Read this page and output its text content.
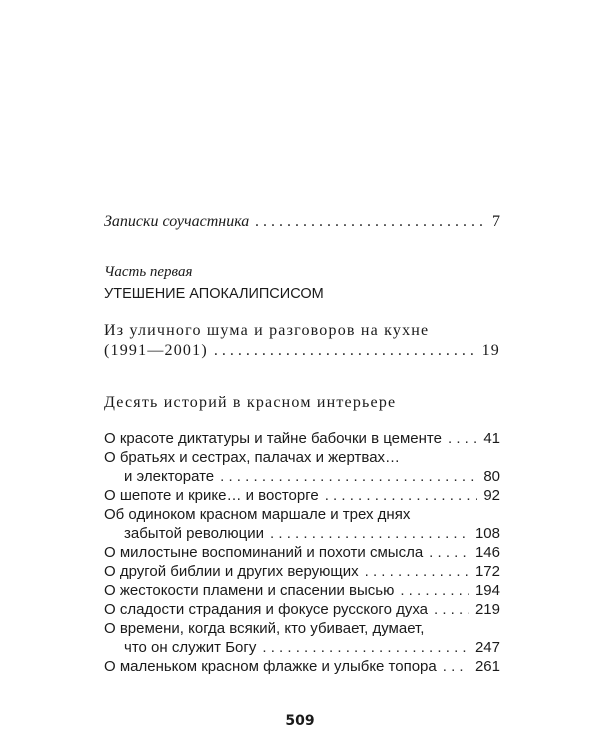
Записки соучастника . . .	7
Часть первая
УТЕШЕНИЕ АПОКАЛИПСИСОМ
Из уличного шума и разговоров на кухне
(1991—2001) . . .	19
Десять историй в красном интерьере
О красоте диктатуры и тайне бабочки в цементе . . .	41
О братьях и сестрах, палачах и жертвах…
и электорате . . .	80
О шепоте и крике… и восторге . . .	92
Об одиноком красном маршале и трех днях
забытой революции . . .	108
О милостыне воспоминаний и похоти смысла . . .	146
О другой библии и других верующих . . .	172
О жестокости пламени и спасении высью . . .	194
О сладости страдания и фокусе русского духа . . .	219
О времени, когда всякий, кто убивает, думает,
что он служит Богу . . .	247
О маленьком красном флажке и улыбке топора . . .	261
509
